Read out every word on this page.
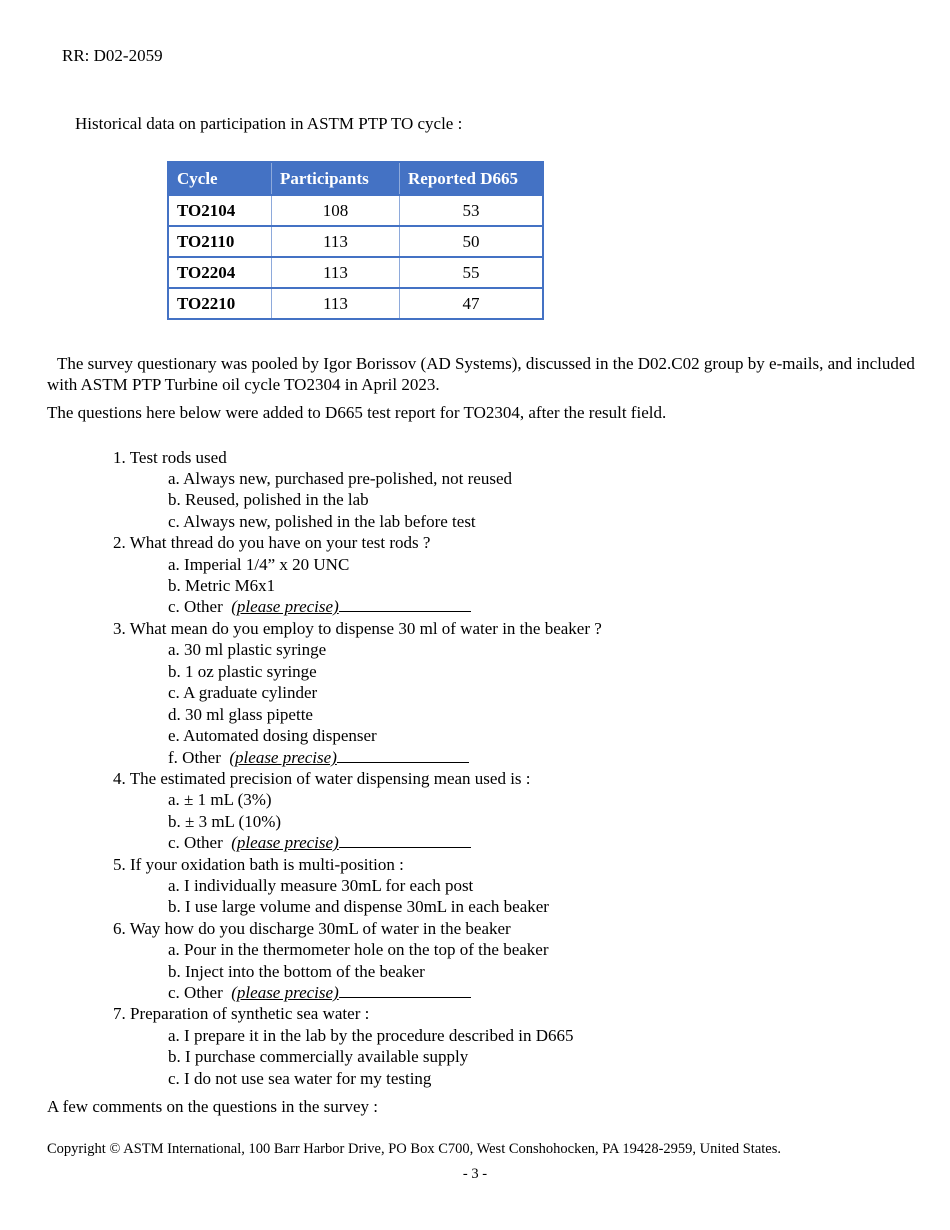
RR: D02-2059
Historical data on participation in ASTM PTP TO cycle :
Cycle	Participants	Reported D665
TO2104	108	53
TO2110	113	50
TO2204	113	55
TO2210	113	47
The survey questionary was pooled by Igor Borissov (AD Systems), discussed in the D02.C02 group by e-mails, and included with ASTM PTP Turbine oil cycle TO2304 in April 2023.
The questions here below were added to D665 test report for TO2304, after the result field.
1. Test rods used
a. Always new, purchased pre-polished, not reused
b. Reused, polished in the lab
c. Always new, polished in the lab before test
2. What thread do you have on your test rods ?
a. Imperial 1/4” x 20 UNC
b. Metric M6x1
c. Other (please precise)
3. What mean do you employ to dispense 30 ml of water in the beaker ?
a. 30 ml plastic syringe
b. 1 oz plastic syringe
c. A graduate cylinder
d. 30 ml glass pipette
e. Automated dosing dispenser
f. Other (please precise)
4. The estimated precision of water dispensing mean used is :
a. ± 1 mL (3%)
b. ± 3 mL (10%)
c. Other (please precise)
5. If your oxidation bath is multi-position :
a. I individually measure 30mL for each post
b. I use large volume and dispense 30mL in each beaker
6. Way how do you discharge 30mL of water in the beaker
a. Pour in the thermometer hole on the top of the beaker
b. Inject into the bottom of the beaker
c. Other (please precise)
7. Preparation of synthetic sea water :
a. I prepare it in the lab by the procedure described in D665
b. I purchase commercially available supply
c. I do not use sea water for my testing
A few comments on the questions in the survey :
Copyright © ASTM International, 100 Barr Harbor Drive, PO Box C700, West Conshohocken, PA 19428-2959, United States.
- 3 -
